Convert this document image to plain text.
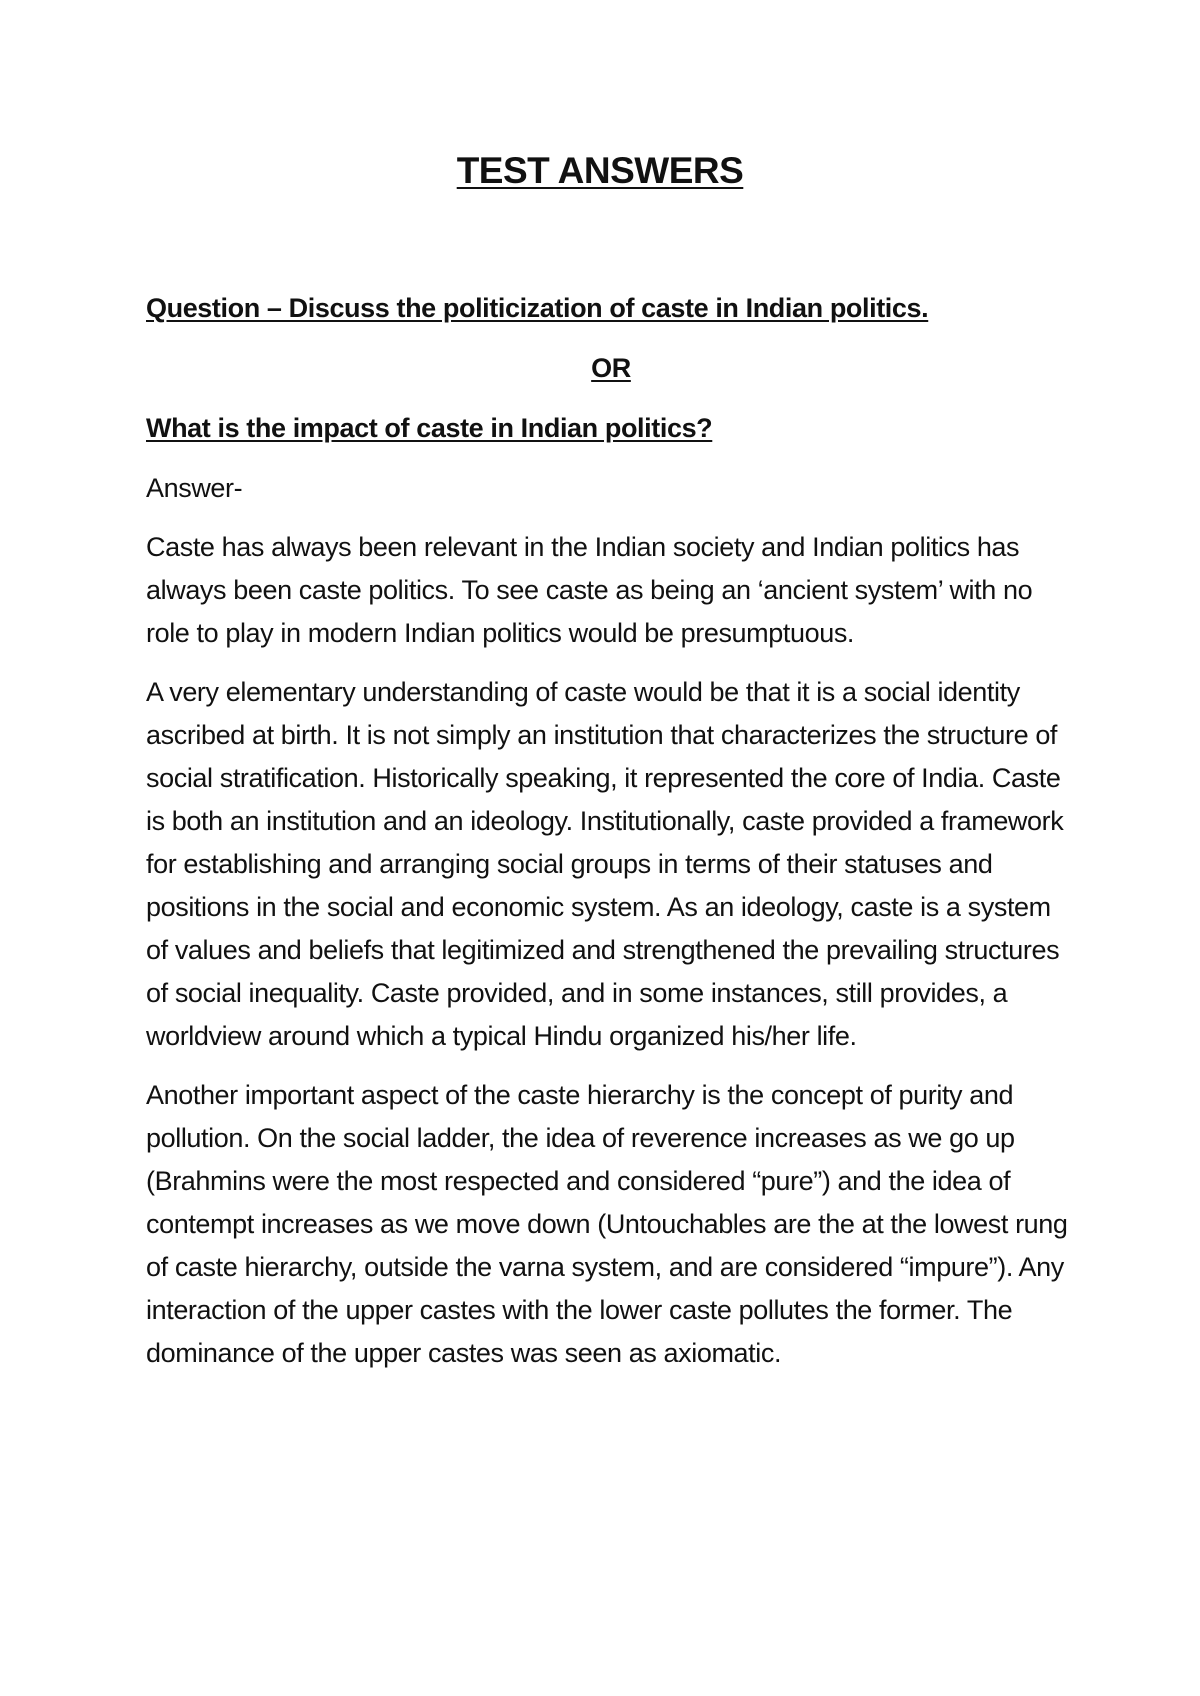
TEST ANSWERS
Question – Discuss the politicization of caste in Indian politics.
OR
What is the impact of caste in Indian politics?
Answer-

Caste has always been relevant in the Indian society and Indian politics has always been caste politics. To see caste as being an ‘ancient system’ with no role to play in modern Indian politics would be presumptuous.

A very elementary understanding of caste would be that it is a social identity ascribed at birth. It is not simply an institution that characterizes the structure of social stratification. Historically speaking, it represented the core of India. Caste is both an institution and an ideology. Institutionally, caste provided a framework for establishing and arranging social groups in terms of their statuses and positions in the social and economic system. As an ideology, caste is a system of values and beliefs that legitimized and strengthened the prevailing structures of social inequality. Caste provided, and in some instances, still provides, a worldview around which a typical Hindu organized his/her life.

Another important aspect of the caste hierarchy is the concept of purity and pollution. On the social ladder, the idea of reverence increases as we go up (Brahmins were the most respected and considered “pure”) and the idea of contempt increases as we move down (Untouchables are the at the lowest rung of caste hierarchy, outside the varna system, and are considered “impure”). Any interaction of the upper castes with the lower caste pollutes the former. The dominance of the upper castes was seen as axiomatic.
